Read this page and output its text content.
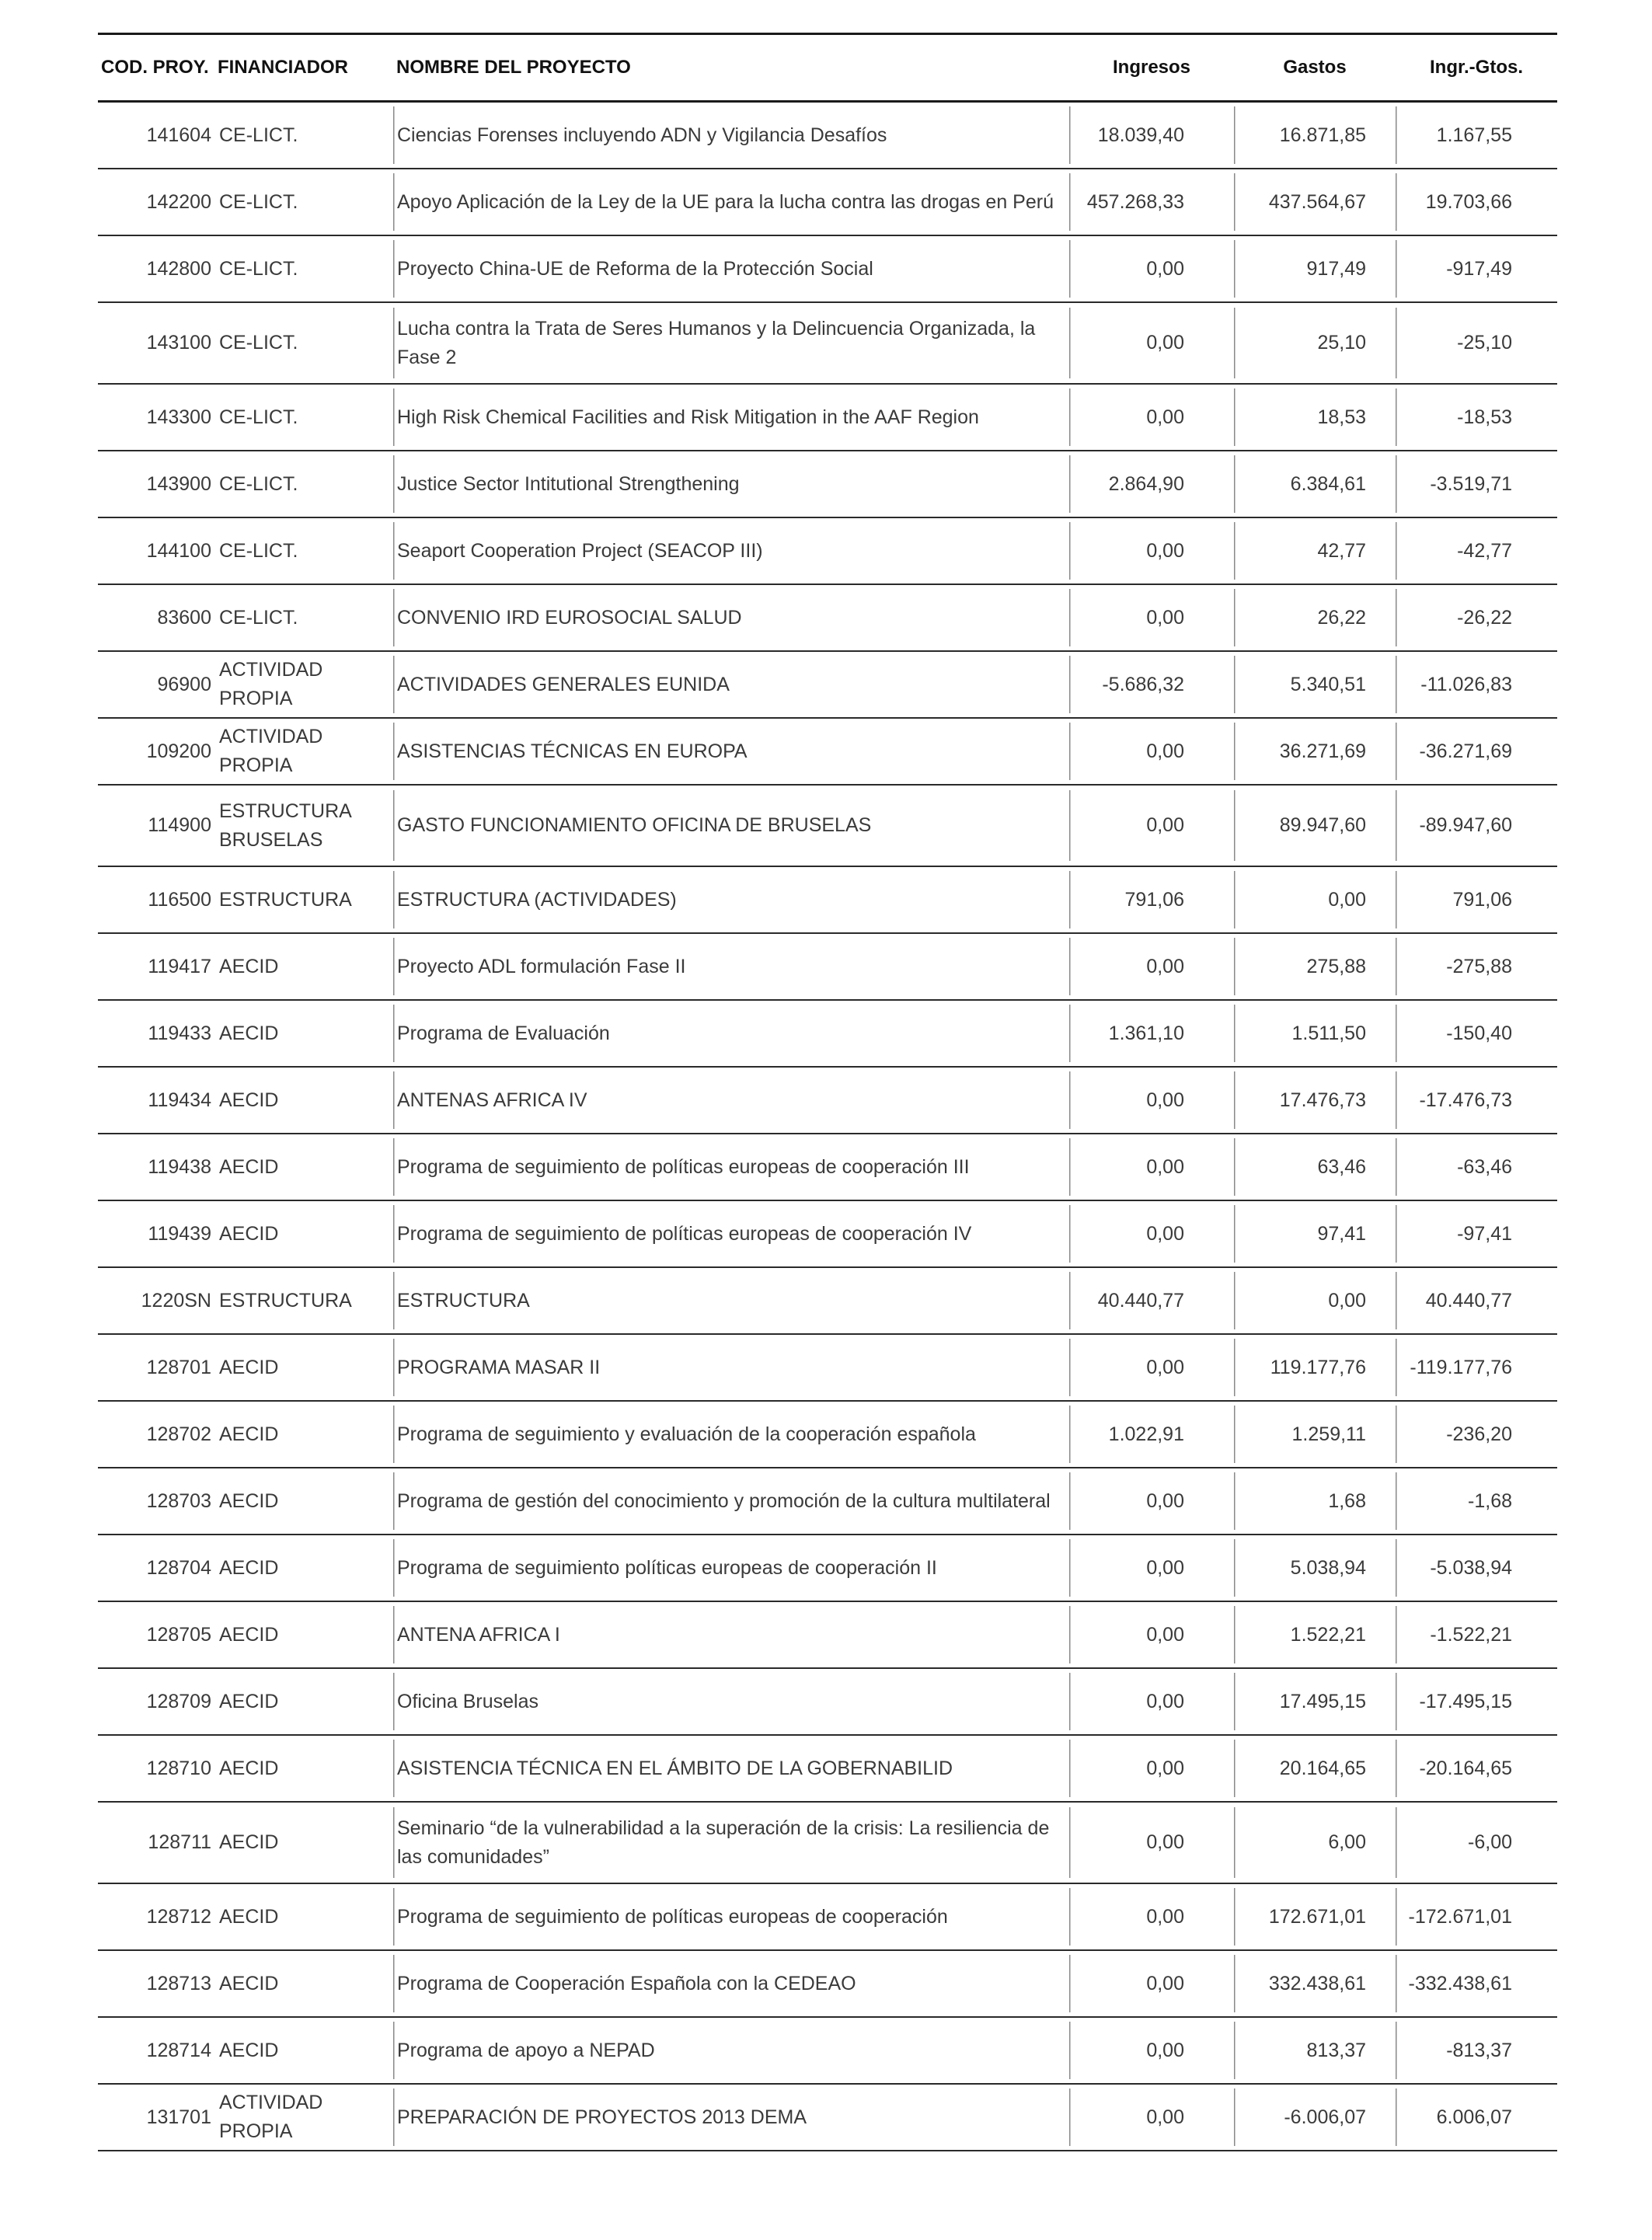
COD. PROY.	FINANCIADOR	NOMBRE DEL PROYECTO	Ingresos	Gastos	Ingr.-Gtos.
141604	CE-LICT.	Ciencias Forenses incluyendo ADN y Vigilancia Desafíos	18.039,40	16.871,85	1.167,55
142200	CE-LICT.	Apoyo Aplicación de la Ley de la UE para la lucha contra las drogas en Perú	457.268,33	437.564,67	19.703,66
142800	CE-LICT.	Proyecto China-UE de Reforma de la Protección Social	0,00	917,49	-917,49
143100	CE-LICT.	Lucha contra la Trata de Seres Humanos y la Delincuencia Organizada, la Fase 2	0,00	25,10	-25,10
143300	CE-LICT.	High Risk Chemical Facilities and Risk Mitigation in the AAF Region	0,00	18,53	-18,53
143900	CE-LICT.	Justice Sector Intitutional Strengthening	2.864,90	6.384,61	-3.519,71
144100	CE-LICT.	Seaport Cooperation Project (SEACOP III)	0,00	42,77	-42,77
83600	CE-LICT.	CONVENIO IRD EUROSOCIAL SALUD	0,00	26,22	-26,22
96900	ACTIVIDAD PROPIA	ACTIVIDADES GENERALES EUNIDA	-5.686,32	5.340,51	-11.026,83
109200	ACTIVIDAD PROPIA	ASISTENCIAS TÉCNICAS EN EUROPA	0,00	36.271,69	-36.271,69
114900	ESTRUCTURA BRUSELAS	GASTO FUNCIONAMIENTO OFICINA DE BRUSELAS	0,00	89.947,60	-89.947,60
116500	ESTRUCTURA	ESTRUCTURA (ACTIVIDADES)	791,06	0,00	791,06
119417	AECID	Proyecto ADL formulación Fase II	0,00	275,88	-275,88
119433	AECID	Programa de Evaluación	1.361,10	1.511,50	-150,40
119434	AECID	ANTENAS AFRICA IV	0,00	17.476,73	-17.476,73
119438	AECID	Programa de seguimiento de políticas europeas de cooperación III	0,00	63,46	-63,46
119439	AECID	Programa de seguimiento de políticas europeas de cooperación IV	0,00	97,41	-97,41
1220SN	ESTRUCTURA	ESTRUCTURA	40.440,77	0,00	40.440,77
128701	AECID	PROGRAMA MASAR II	0,00	119.177,76	-119.177,76
128702	AECID	Programa de seguimiento y evaluación de la cooperación española	1.022,91	1.259,11	-236,20
128703	AECID	Programa de gestión del conocimiento y promoción de la cultura multilateral	0,00	1,68	-1,68
128704	AECID	Programa de seguimiento políticas europeas de cooperación II	0,00	5.038,94	-5.038,94
128705	AECID	ANTENA AFRICA I	0,00	1.522,21	-1.522,21
128709	AECID	Oficina Bruselas	0,00	17.495,15	-17.495,15
128710	AECID	ASISTENCIA TÉCNICA EN EL ÁMBITO DE LA GOBERNABILID	0,00	20.164,65	-20.164,65
128711	AECID	Seminario “de la vulnerabilidad a la superación de la crisis: La resiliencia de las comunidades”	0,00	6,00	-6,00
128712	AECID	Programa de seguimiento de políticas europeas de cooperación	0,00	172.671,01	-172.671,01
128713	AECID	Programa de Cooperación Española con la CEDEAO	0,00	332.438,61	-332.438,61
128714	AECID	Programa de apoyo a NEPAD	0,00	813,37	-813,37
131701	ACTIVIDAD PROPIA	PREPARACIÓN DE PROYECTOS 2013 DEMA	0,00	-6.006,07	6.006,07
